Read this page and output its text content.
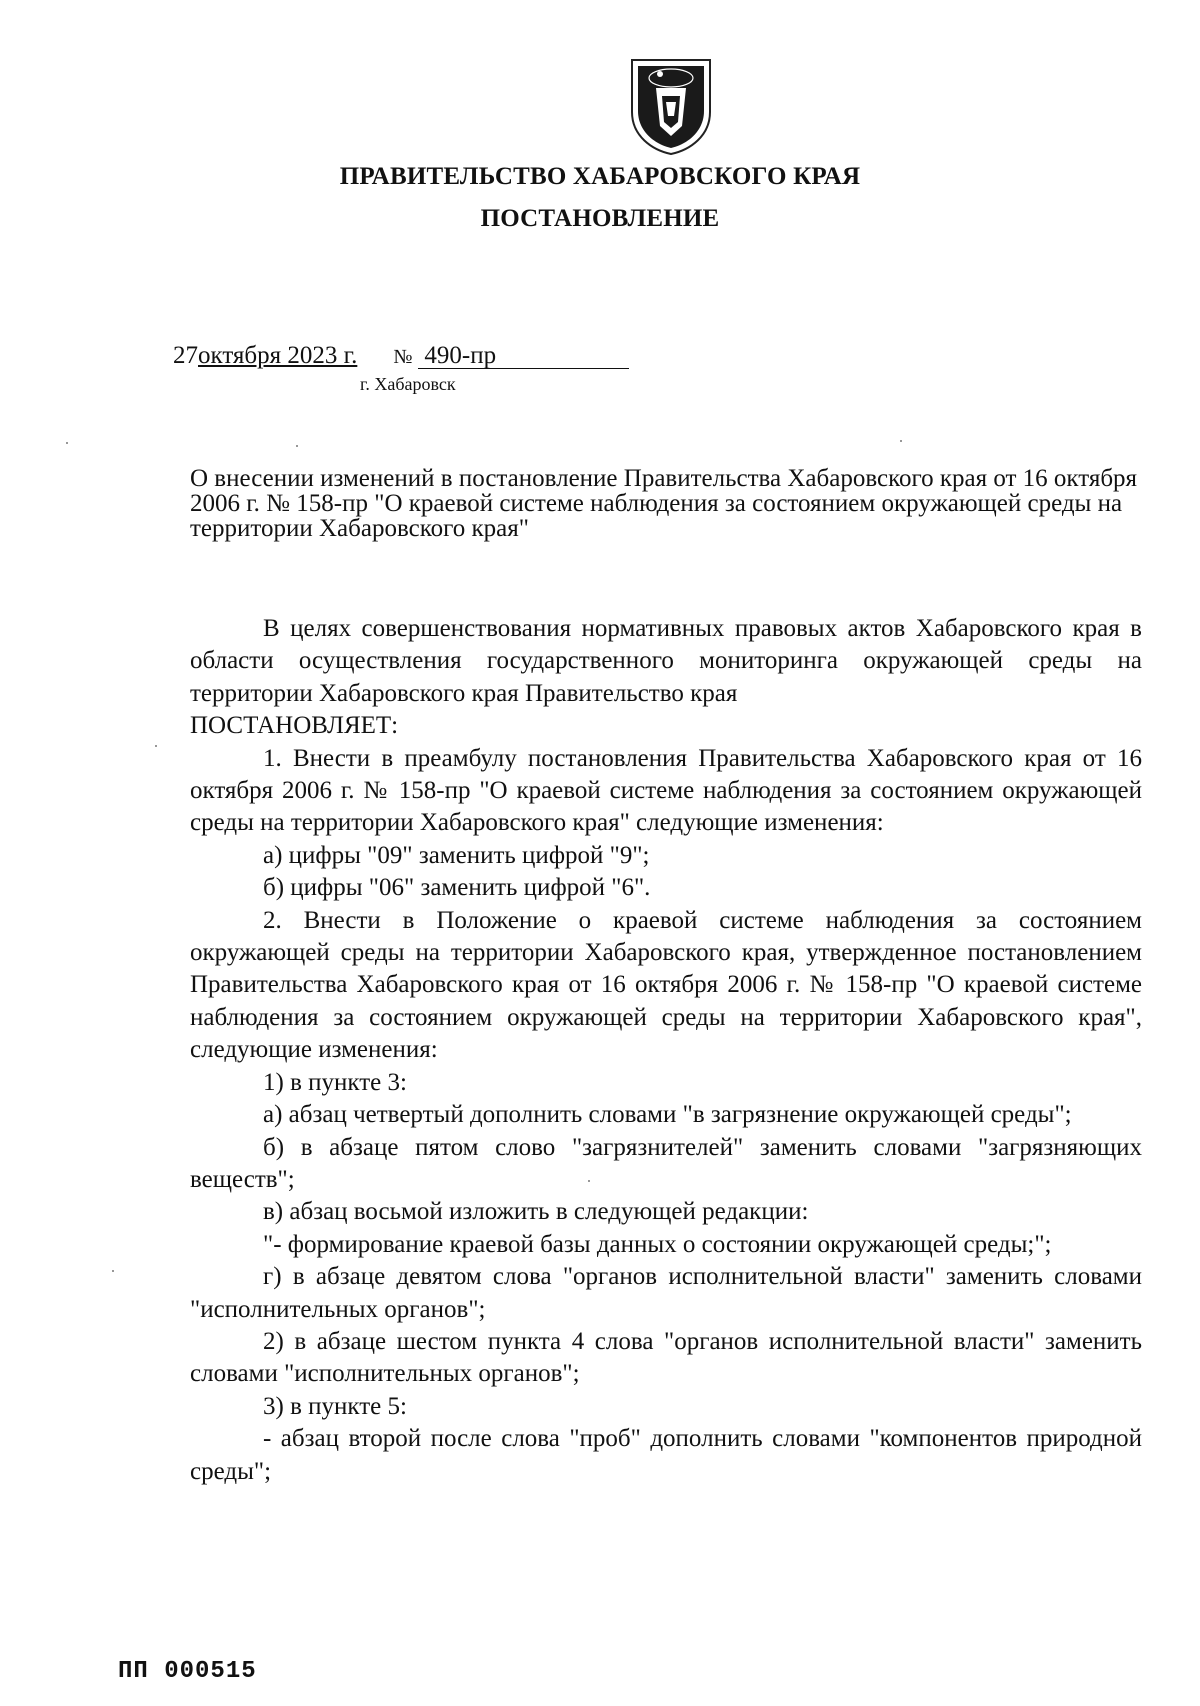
ПРАВИТЕЛЬСТВО ХАБАРОВСКОГО КРАЯ
ПОСТАНОВЛЕНИЕ
27октября 2023 г. № 490-пр
г. Хабаровск
О внесении изменений в постановление Правительства Хабаровского края от 16 октября 2006 г. № 158-пр "О краевой системе наблюдения за состоянием окружающей среды на территории Хабаровского края"

В целях совершенствования нормативных правовых актов Хабаровского края в области осуществления государственного мониторинга окружающей среды на территории Хабаровского края Правительство края

ПОСТАНОВЛЯЕТ:

1. Внести в преамбулу постановления Правительства Хабаровского края от 16 октября 2006 г. № 158-пр "О краевой системе наблюдения за состоянием окружающей среды на территории Хабаровского края" следующие изменения:

а) цифры "09" заменить цифрой "9";

б) цифры "06" заменить цифрой "6".

2. Внести в Положение о краевой системе наблюдения за состоянием окружающей среды на территории Хабаровского края, утвержденное постановлением Правительства Хабаровского края от 16 октября 2006 г. № 158-пр "О краевой системе наблюдения за состоянием окружающей среды на территории Хабаровского края", следующие изменения:

1) в пункте 3:

а) абзац четвертый дополнить словами "в загрязнение окружающей среды";

б) в абзаце пятом слово "загрязнителей" заменить словами "загрязняющих веществ";

в) абзац восьмой изложить в следующей редакции:

"- формирование краевой базы данных о состоянии окружающей среды;";

г) в абзаце девятом слова "органов исполнительной власти" заменить словами "исполнительных органов";

2) в абзаце шестом пункта 4 слова "органов исполнительной власти" заменить словами "исполнительных органов";

3) в пункте 5:

- абзац второй после слова "проб" дополнить словами "компонентов природной среды";

ПП 000515
